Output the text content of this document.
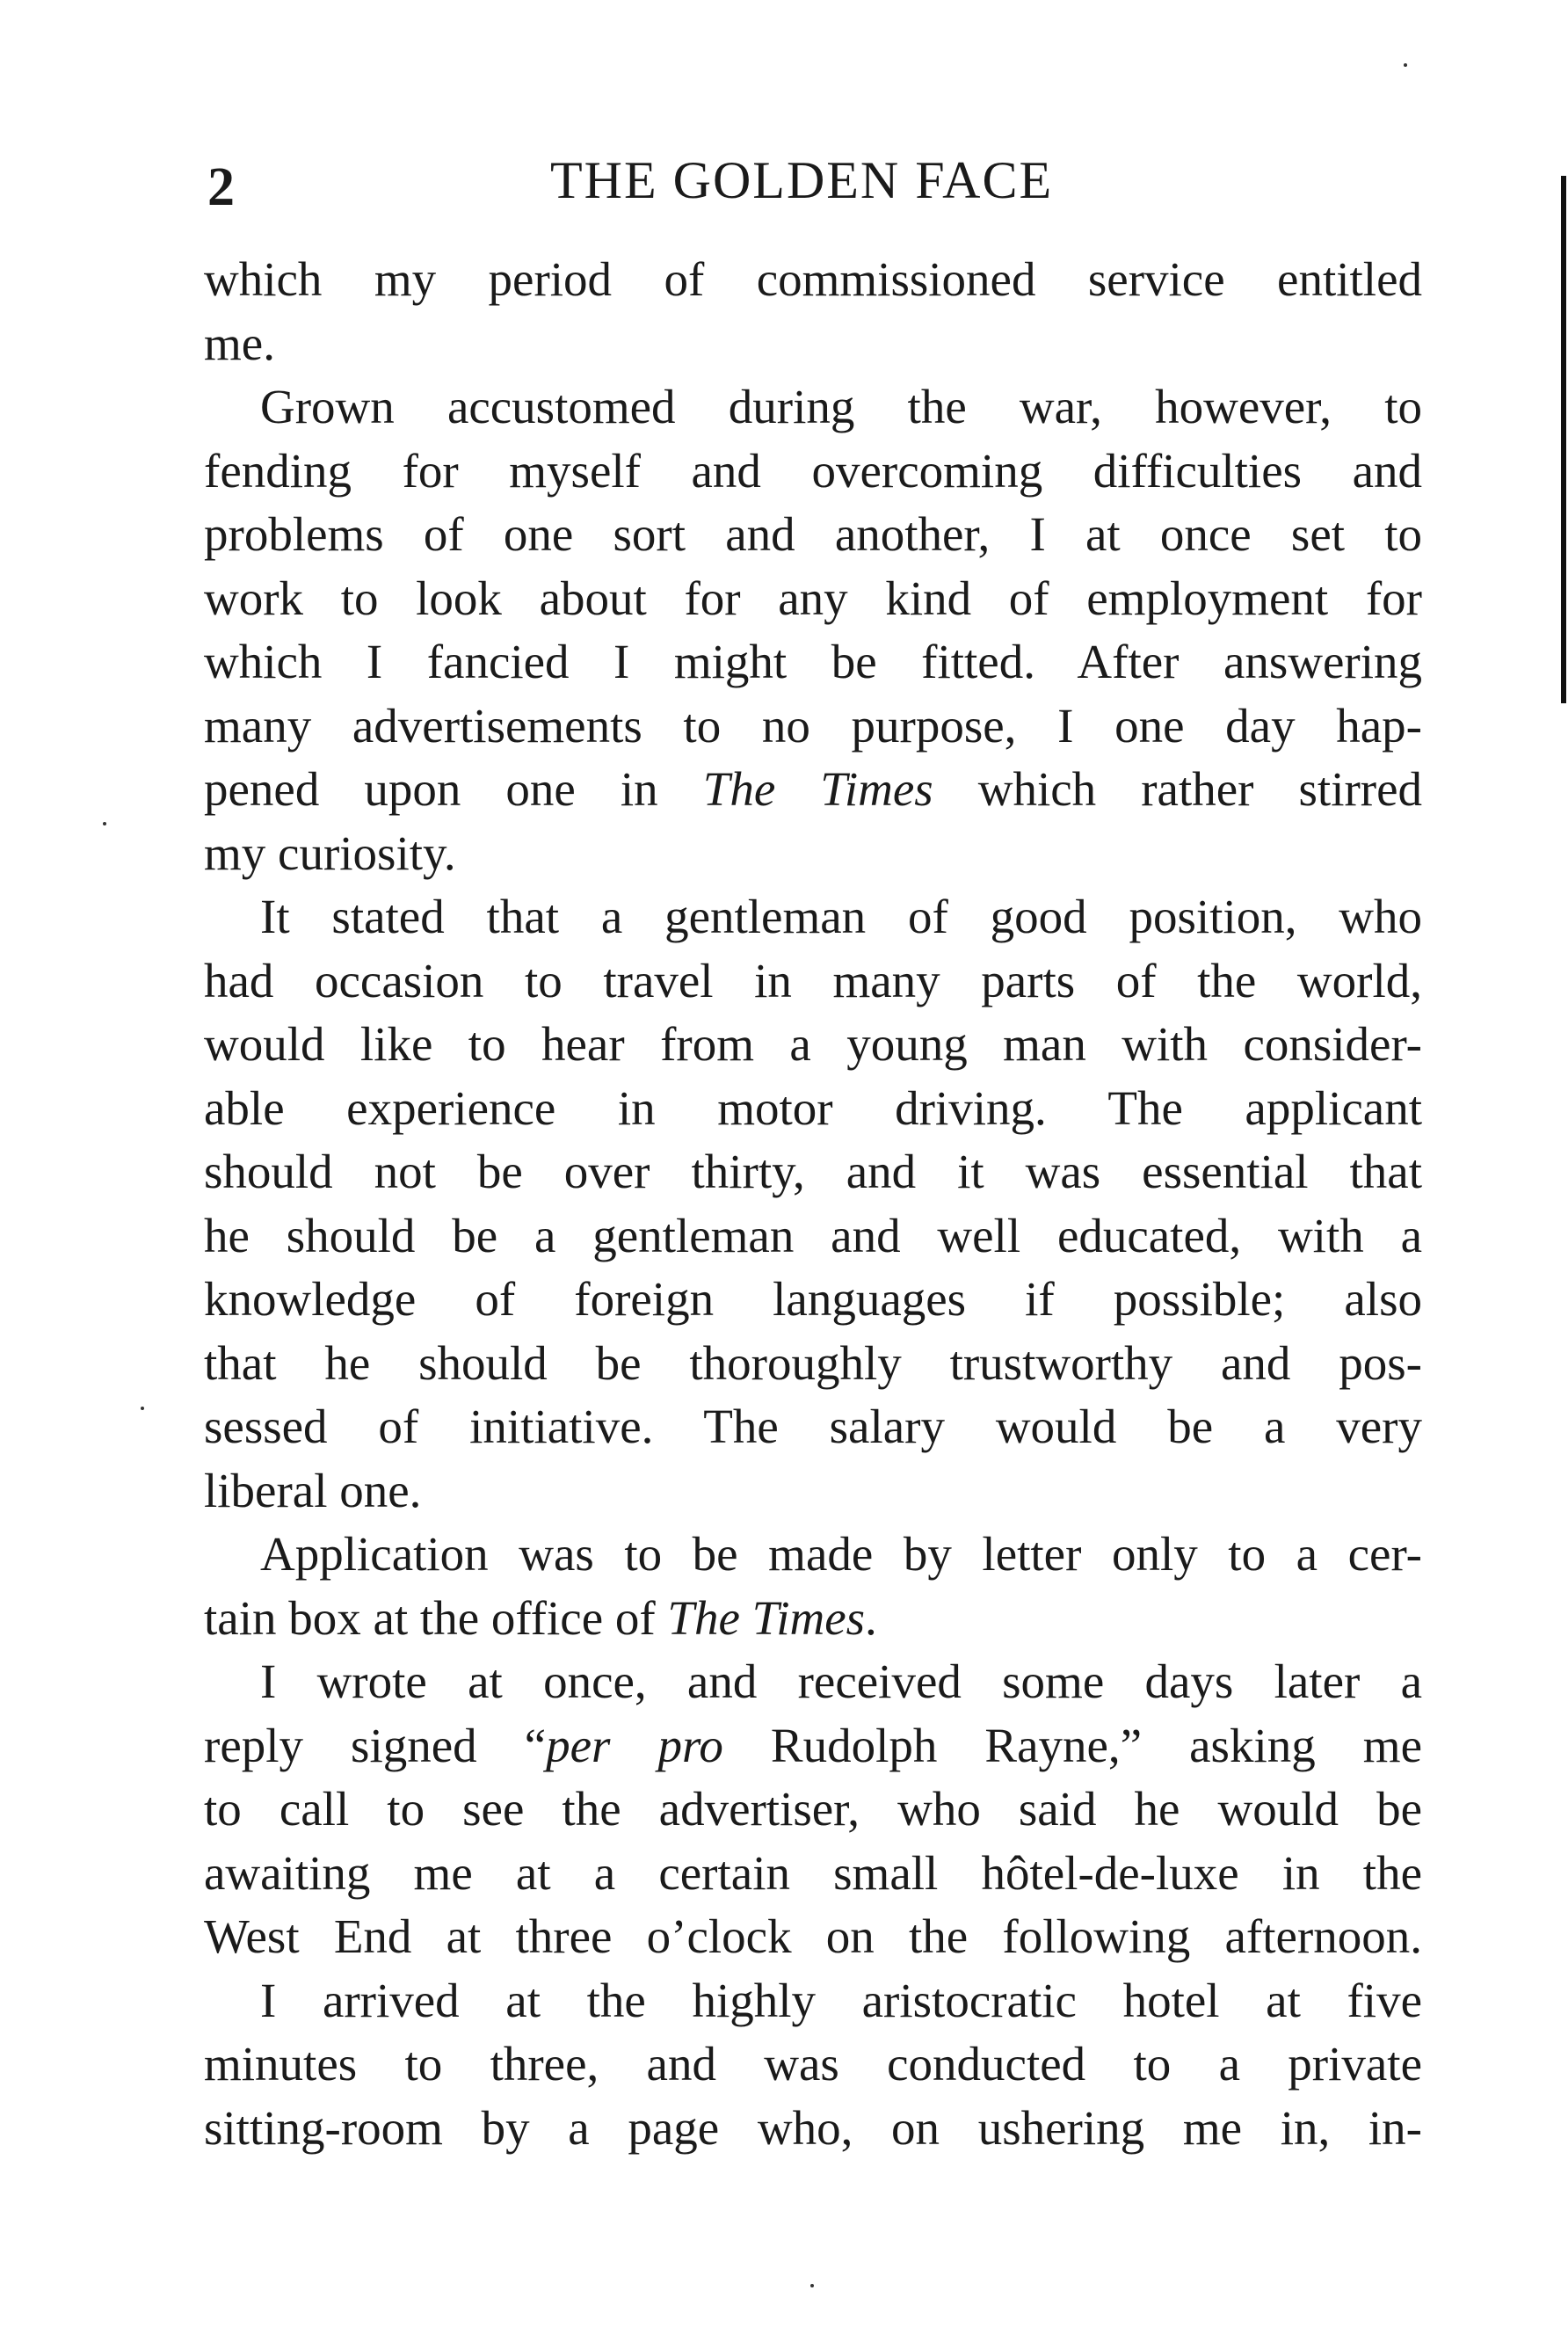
2	THE GOLDEN FACE
which my period of commissioned service entitled
me.
Grown accustomed during the war, however, to
fending for myself and overcoming difficulties and
problems of one sort and another, I at once set to
work to look about for any kind of employment for
which I fancied I might be fitted. After answering
many advertisements to no purpose, I one day hap-
pened upon one in The Times which rather stirred
my curiosity.
It stated that a gentleman of good position, who
had occasion to travel in many parts of the world,
would like to hear from a young man with consider-
able experience in motor driving. The applicant
should not be over thirty, and it was essential that
he should be a gentleman and well educated, with a
knowledge of foreign languages if possible; also
that he should be thoroughly trustworthy and pos-
sessed of initiative. The salary would be a very
liberal one.
Application was to be made by letter only to a cer-
tain box at the office of The Times.
I wrote at once, and received some days later a
reply signed “per pro Rudolph Rayne,” asking me
to call to see the advertiser, who said he would be
awaiting me at a certain small hôtel-de-luxe in the
West End at three o’clock on the following afternoon.
I arrived at the highly aristocratic hotel at five
minutes to three, and was conducted to a private
sitting-room by a page who, on ushering me in, in-
